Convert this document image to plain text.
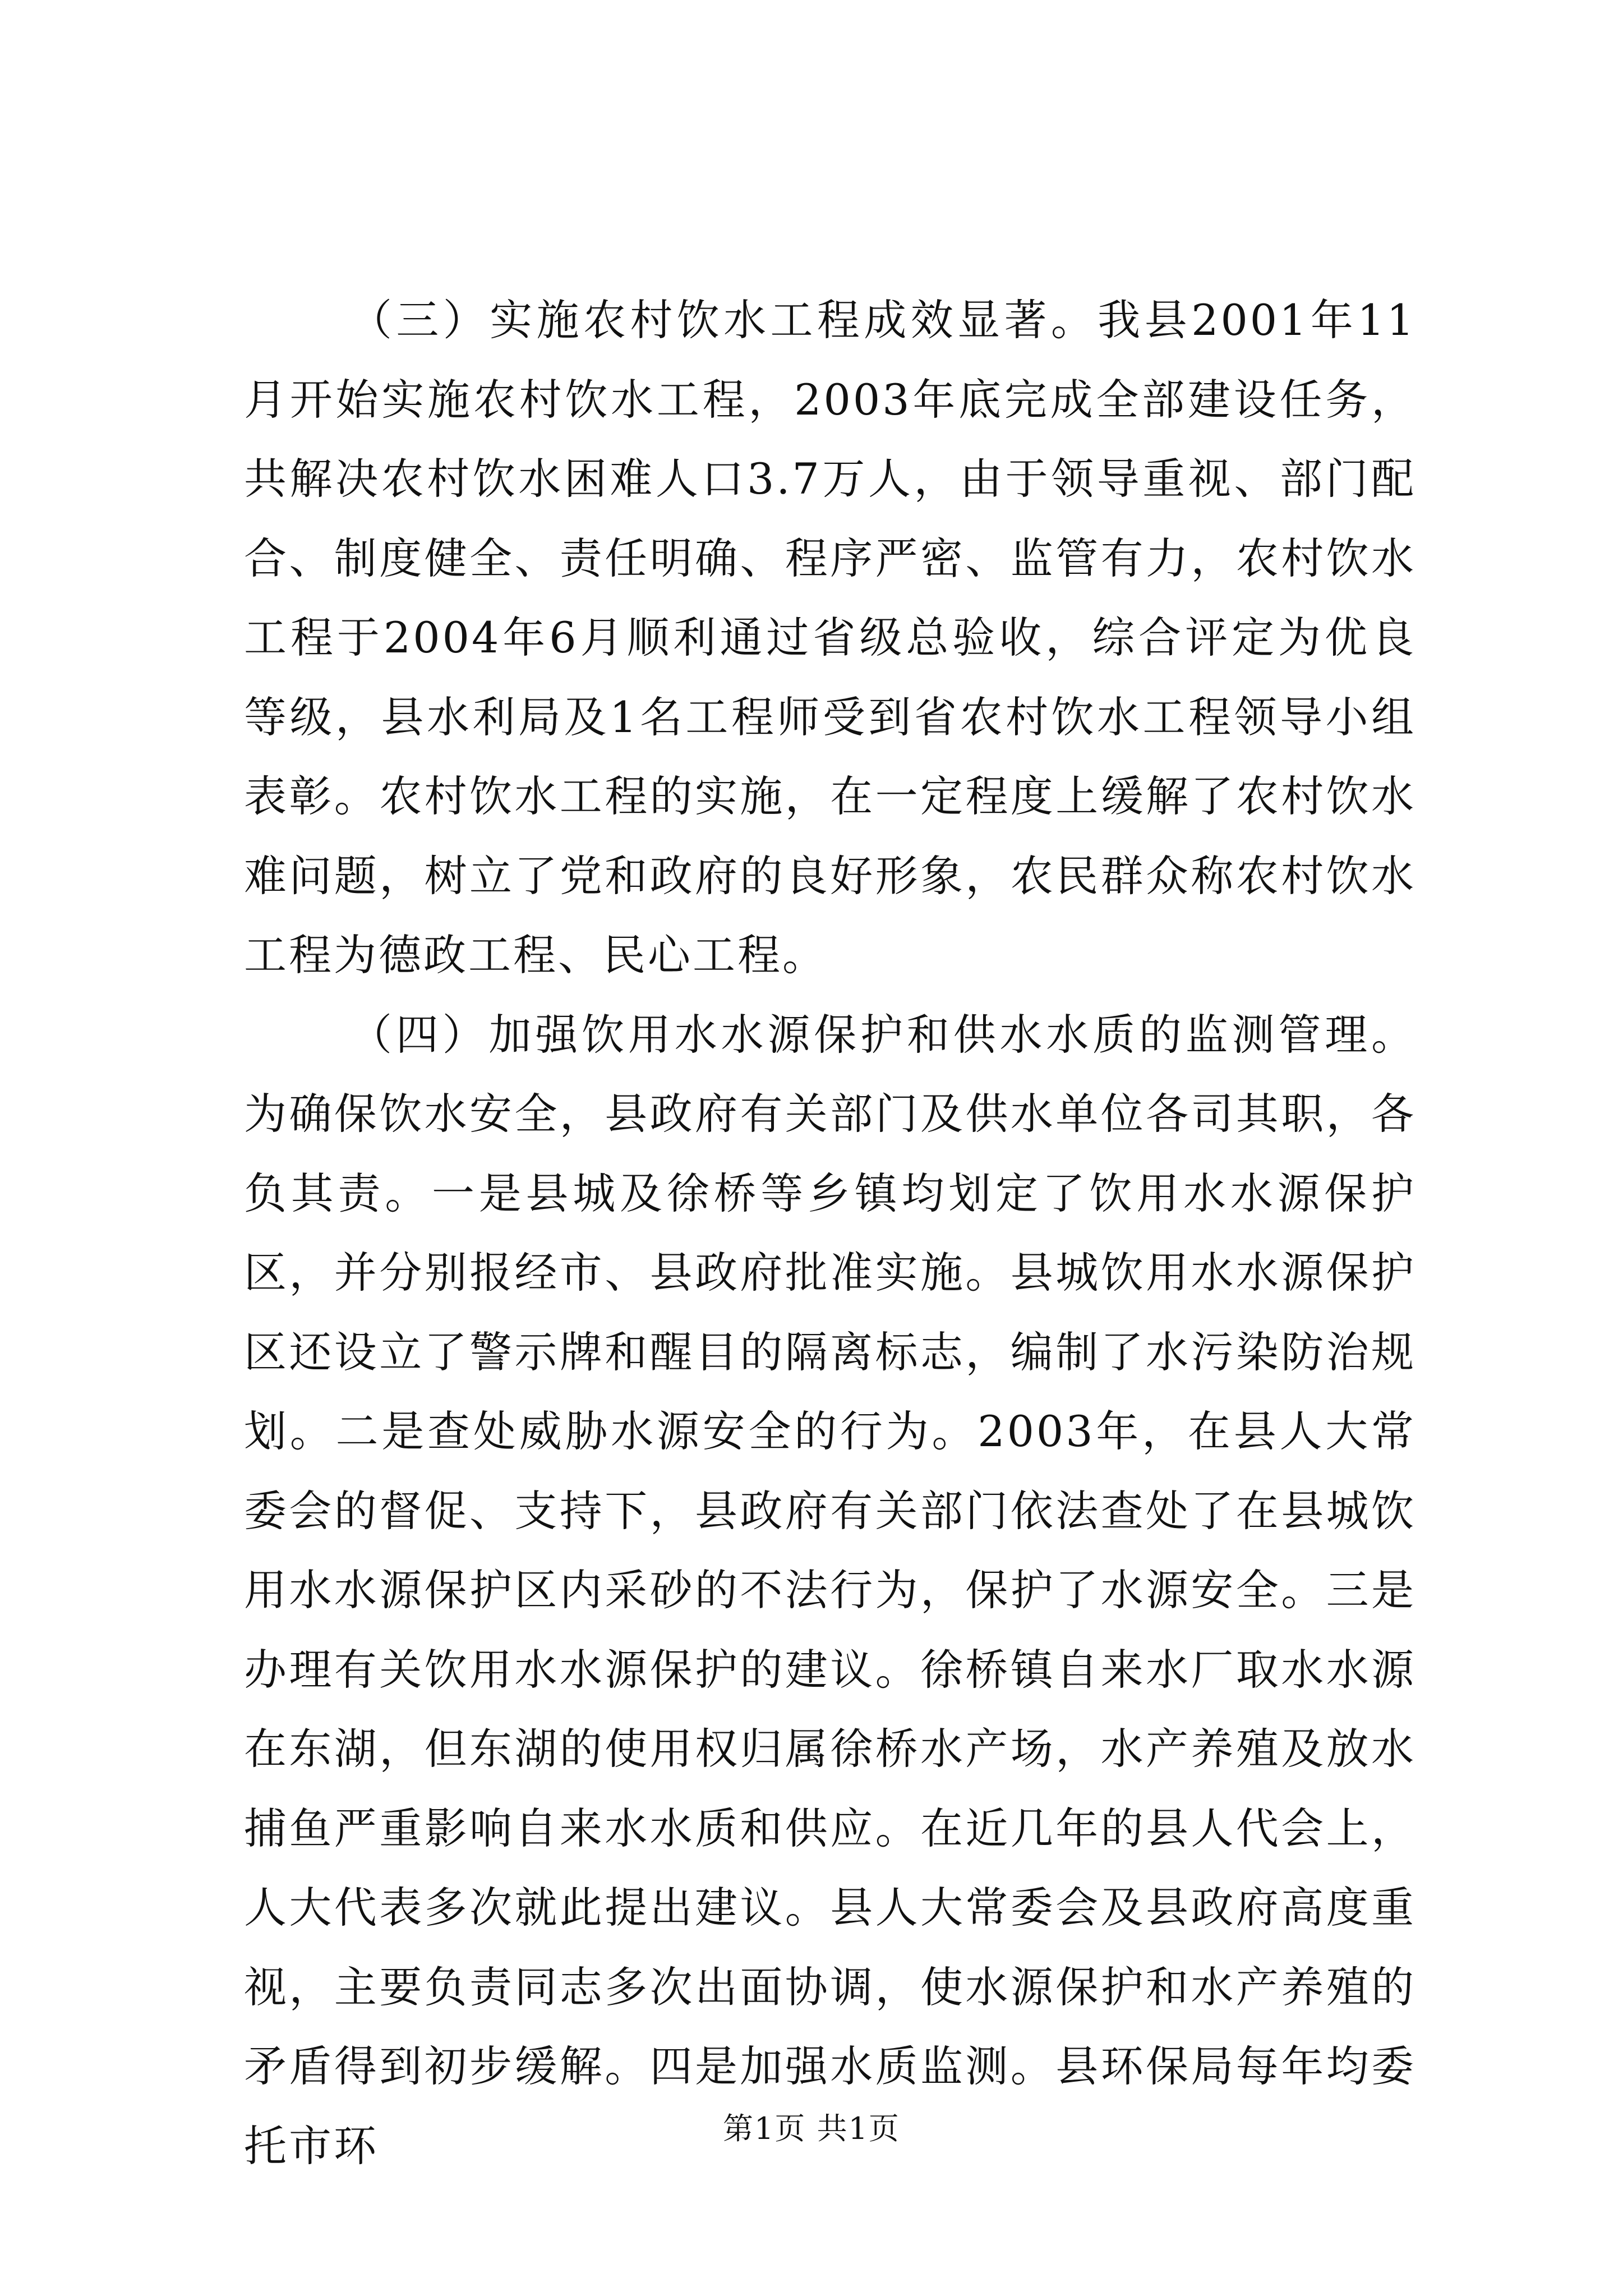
（三）实施农村饮水工程成效显著。我县2001年11月开始实施农村饮水工程，2003年底完成全部建设任务，共解决农村饮水困难人口3.7万人，由于领导重视、部门配合、制度健全、责任明确、程序严密、监管有力，农村饮水工程于2004年6月顺利通过省级总验收，综合评定为优良等级，县水利局及1名工程师受到省农村饮水工程领导小组表彰。农村饮水工程的实施，在一定程度上缓解了农村饮水难问题，树立了党和政府的良好形象，农民群众称农村饮水工程为德政工程、民心工程。

（四）加强饮用水水源保护和供水水质的监测管理。为确保饮水安全，县政府有关部门及供水单位各司其职，各负其责。一是县城及徐桥等乡镇均划定了饮用水水源保护区，并分别报经市、县政府批准实施。县城饮用水水源保护区还设立了警示牌和醒目的隔离标志，编制了水污染防治规划。二是查处威胁水源安全的行为。2003年，在县人大常委会的督促、支持下，县政府有关部门依法查处了在县城饮用水水源保护区内采砂的不法行为，保护了水源安全。三是办理有关饮用水水源保护的建议。徐桥镇自来水厂取水水源在东湖，但东湖的使用权归属徐桥水产场，水产养殖及放水捕鱼严重影响自来水水质和供应。在近几年的县人代会上，人大代表多次就此提出建议。县人大常委会及县政府高度重视，主要负责同志多次出面协调，使水源保护和水产养殖的矛盾得到初步缓解。四是加强水质监测。县环保局每年均委托市环	第1页 共1页
